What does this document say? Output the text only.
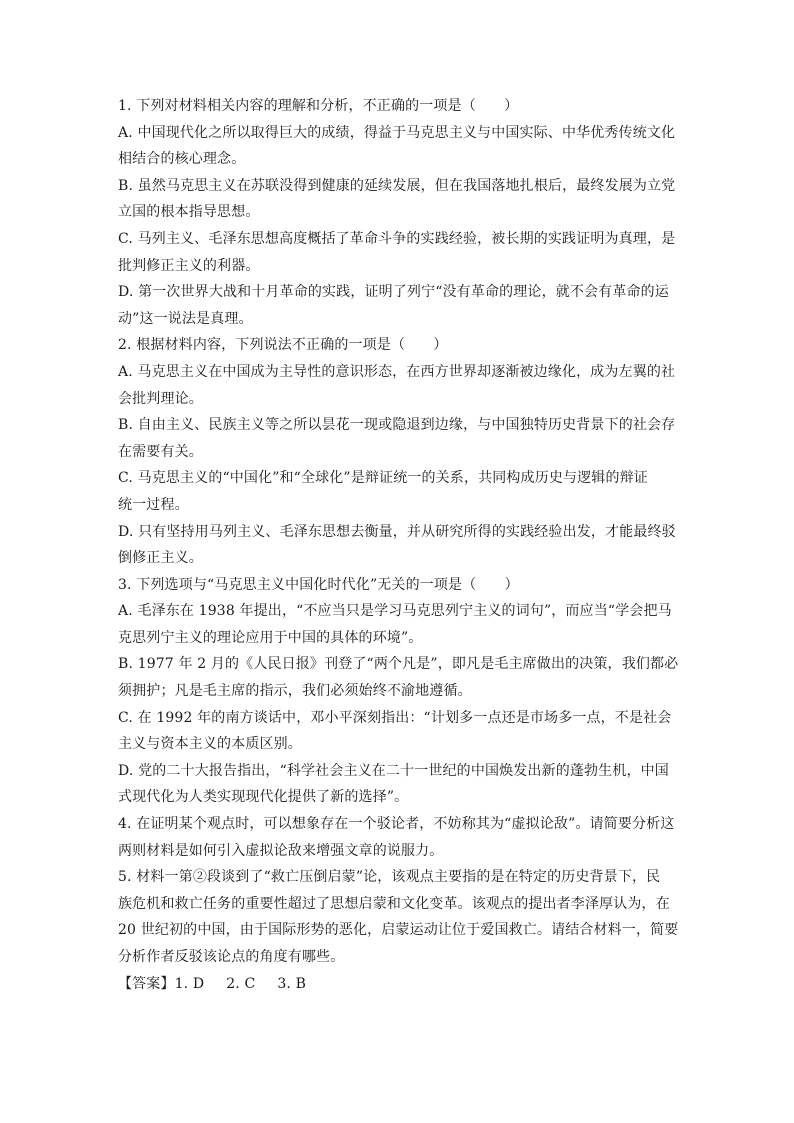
1. 下列对材料相关内容的理解和分析，不正确的一项是（　　）
A. 中国现代化之所以取得巨大的成绩，得益于马克思主义与中国实际、中华优秀传统文化
相结合的核心理念。
B. 虽然马克思主义在苏联没得到健康的延续发展，但在我国落地扎根后，最终发展为立党
立国的根本指导思想。
C. 马列主义、毛泽东思想高度概括了革命斗争的实践经验，被长期的实践证明为真理，是
批判修正主义的利器。
D. 第一次世界大战和十月革命的实践，证明了列宁“没有革命的理论，就不会有革命的运
动”这一说法是真理。
2. 根据材料内容，下列说法不正确的一项是（　　）
A. 马克思主义在中国成为主导性的意识形态，在西方世界却逐渐被边缘化，成为左翼的社
会批判理论。
B. 自由主义、民族主义等之所以昙花一现或隐退到边缘，与中国独特历史背景下的社会存
在需要有关。
C. 马克思主义的“中国化”和“全球化”是辩证统一的关系，共同构成历史与逻辑的辩证
统一过程。
D. 只有坚持用马列主义、毛泽东思想去衡量，并从研究所得的实践经验出发，才能最终驳
倒修正主义。
3. 下列选项与“马克思主义中国化时代化”无关的一项是（　　）
A. 毛泽东在 1938 年提出，“不应当只是学习马克思列宁主义的词句”，而应当“学会把马
克思列宁主义的理论应用于中国的具体的环境”。
B. 1977 年 2 月的《人民日报》刊登了“两个凡是”，即凡是毛主席做出的决策，我们都必
须拥护；凡是毛主席的指示，我们必须始终不渝地遵循。
C. 在 1992 年的南方谈话中，邓小平深刻指出：“计划多一点还是市场多一点，不是社会
主义与资本主义的本质区别。
D. 党的二十大报告指出，“科学社会主义在二十一世纪的中国焕发出新的蓬勃生机，中国
式现代化为人类实现现代化提供了新的选择”。
4. 在证明某个观点时，可以想象存在一个驳论者，不妨称其为“虚拟论敌”。请简要分析这
两则材料是如何引入虚拟论敌来增强文章的说服力。
5. 材料一第②段谈到了“救亡压倒启蒙”论，该观点主要指的是在特定的历史背景下，民
族危机和救亡任务的重要性超过了思想启蒙和文化变革。该观点的提出者李泽厚认为，在
20 世纪初的中国，由于国际形势的恶化，启蒙运动让位于爱国救亡。请结合材料一，简要
分析作者反驳该论点的角度有哪些。
【答案】1. D 2. C 3. B
